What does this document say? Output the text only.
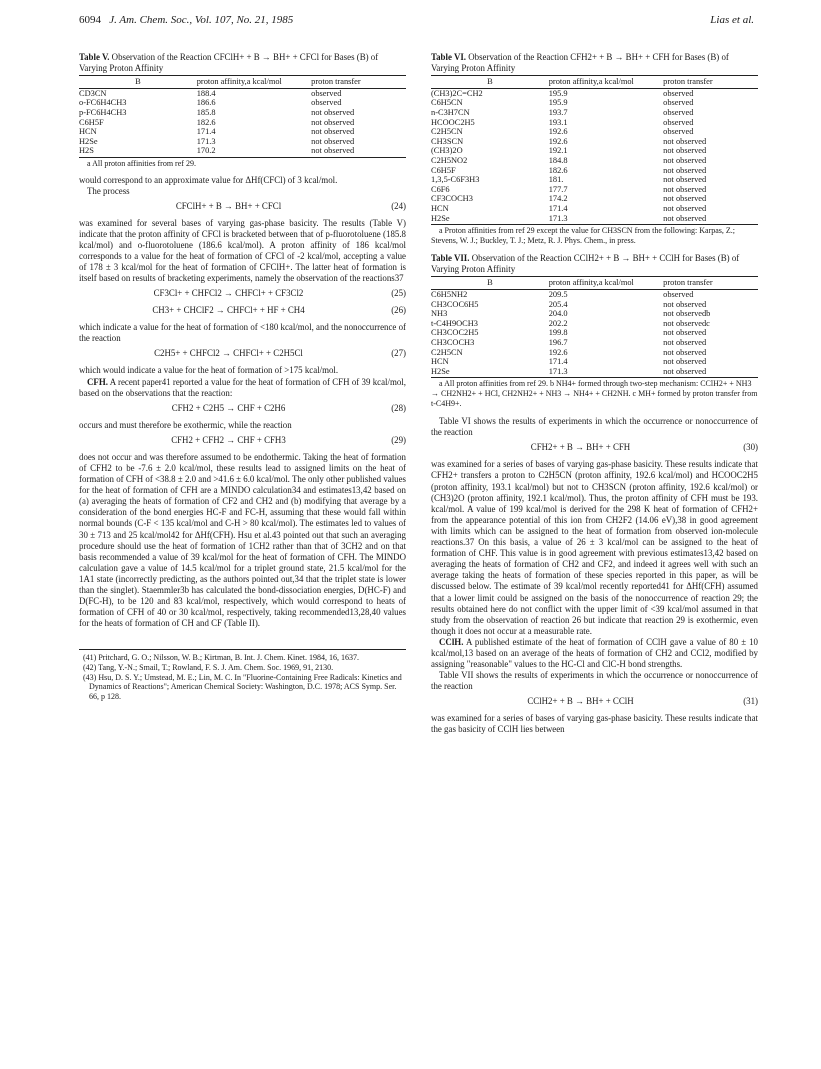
6094 J. Am. Chem. Soc., Vol. 107, No. 21, 1985	Lias et al.

Table V. Observation of the Reaction CFClH+ + B → BH+ + CFCl for Bases (B) of Varying Proton Affinity

B	proton affinity,a kcal/mol	proton transfer
CD3CN	188.4	observed
o-FC6H4CH3	186.6	observed
p-FC6H4CH3	185.8	not observed
C6H5F	182.6	not observed
HCN	171.4	not observed
H2Se	171.3	not observed
H2S	170.2	not observed

a All proton affinities from ref 29.

would correspond to an approximate value for ΔHf(CFCl) of 3 kcal/mol.

The process

CFClH+ + B → BH+ + CFCl	(24)

was examined for several bases of varying gas-phase basicity. The results (Table V) indicate that the proton affinity of CFCl is bracketed between that of p-fluorotoluene (185.8 kcal/mol) and o-fluorotoluene (186.6 kcal/mol). A proton affinity of 186 kcal/mol corresponds to a value for the heat of formation of CFCl of -2 kcal/mol, accepting a value of 178 ± 3 kcal/mol for the heat of formation of CFClH+. The latter heat of formation is itself based on results of bracketing experiments, namely the observation of the reactions37

CF3Cl+ + CHFCl2 → CHFCl+ + CF3Cl2	(25)
CH3+ + CHClF2 → CHFCl+ + HF + CH4	(26)

which indicate a value for the heat of formation of <180 kcal/mol, and the nonoccurrence of the reaction

C2H5+ + CHFCl2 → CHFCl+ + C2H5Cl	(27)

which would indicate a value for the heat of formation of >175 kcal/mol.

CFH. A recent paper41 reported a value for the heat of formation of CFH of 39 kcal/mol, based on the observations that the reaction:

CFH2 + C2H5 → CHF + C2H6	(28)

occurs and must therefore be exothermic, while the reaction

CFH2 + CFH2 → CHF + CFH3	(29)

does not occur and was therefore assumed to be endothermic. Taking the heat of formation of CFH2 to be -7.6 ± 2.0 kcal/mol, these results lead to assigned limits on the heat of formation of CFH of <38.8 ± 2.0 and >41.6 ± 6.0 kcal/mol. The only other published values for the heat of formation of CFH are a MINDO calculation34 and estimates13,42 based on (a) averaging the heats of formation of CF2 and CH2 and (b) modifying that average by a consideration of the bond energies HC-F and FC-H, assuming that these would fall within normal bounds (C-F < 135 kcal/mol and C-H > 80 kcal/mol). The estimates led to values of 30 ± 713 and 25 kcal/mol42 for ΔHf(CFH). Hsu et al.43 pointed out that such an averaging procedure should use the heat of formation of 1CH2 rather than that of 3CH2 and on that basis recommended a value of 39 kcal/mol for the heat of formation of CFH. The MINDO calculation gave a value of 14.5 kcal/mol for a triplet ground state, 21.5 kcal/mol for the 1A1 state (incorrectly predicting, as the authors pointed out,34 that the triplet state is lower than the singlet). Staemmler3b has calculated the bond-dissociation energies, D(HC-F) and D(FC-H), to be 120 and 83 kcal/mol, respectively, which would correspond to heats of formation of CFH of 40 or 30 kcal/mol, respectively, taking recommended13,28,40 values for the heats of formation of CH and CF (Table II).

(41) Pritchard, G. O.; Nilsson, W. B.; Kirtman, B. Int. J. Chem. Kinet. 1984, 16, 1637.

(42) Tang, Y.-N.; Smail, T.; Rowland, F. S. J. Am. Chem. Soc. 1969, 91, 2130.

(43) Hsu, D. S. Y.; Umstead, M. E.; Lin, M. C. In "Fluorine-Containing Free Radicals: Kinetics and Dynamics of Reactions"; American Chemical Society: Washington, D.C. 1978; ACS Symp. Ser. 66, p 128.

Table VI. Observation of the Reaction CFH2+ + B → BH+ + CFH for Bases (B) of Varying Proton Affinity

B	proton affinity,a kcal/mol	proton transfer
(CH3)2C=CH2	195.9	observed
C6H5CN	195.9	observed
n-C3H7CN	193.7	observed
HCOOC2H5	193.1	observed
C2H5CN	192.6	observed
CH3SCN	192.6	not observed
(CH3)2O	192.1	not observed
C2H5NO2	184.8	not observed
C6H5F	182.6	not observed
1,3,5-C6F3H3	181.	not observed
C6F6	177.7	not observed
CF3COCH3	174.2	not observed
HCN	171.4	not observed
H2Se	171.3	not observed

a Proton affinities from ref 29 except the value for CH3SCN from the following: Karpas, Z.; Stevens, W. J.; Buckley, T. J.; Metz, R. J. Phys. Chem., in press.

Table VII. Observation of the Reaction CClH2+ + B → BH+ + CClH for Bases (B) of Varying Proton Affinity

B	proton affinity,a kcal/mol	proton transfer
C6H5NH2	209.5	observed
CH3COC6H5	205.4	not observed
NH3	204.0	not observedb
t-C4H9OCH3	202.2	not observedc
CH3COC2H5	199.8	not observed
CH3COCH3	196.7	not observed
C2H5CN	192.6	not observed
HCN	171.4	not observed
H2Se	171.3	not observed

a All proton affinities from ref 29. b NH4+ formed through two-step mechanism: CClH2+ + NH3 → CH2NH2+ + HCl, CH2NH2+ + NH3 → NH4+ + CH2NH. c MH+ formed by proton transfer from t-C4H9+.

Table VI shows the results of experiments in which the occurrence or nonoccurrence of the reaction

CFH2+ + B → BH+ + CFH	(30)

was examined for a series of bases of varying gas-phase basicity. These results indicate that CFH2+ transfers a proton to C2H5CN (proton affinity, 192.6 kcal/mol) and HCOOC2H5 (proton affinity, 193.1 kcal/mol) but not to CH3SCN (proton affinity, 192.6 kcal/mol) or (CH3)2O (proton affinity, 192.1 kcal/mol). Thus, the proton affinity of CFH must be 193. kcal/mol. A value of 199 kcal/mol is derived for the 298 K heat of formation of CFH2+ from the appearance potential of this ion from CH2F2 (14.06 eV),38 in good agreement with limits which can be assigned to the heat of formation from observed ion-molecule reactions.37 On this basis, a value of 26 ± 3 kcal/mol can be assigned to the heat of formation of CHF. This value is in good agreement with previous estimates13,42 based on averaging the heats of formation of CH2 and CF2, and indeed it agrees well with such an average taking the heats of formation of these species reported in this paper, as will be discussed below. The estimate of 39 kcal/mol recently reported41 for ΔHf(CFH) assumed that a lower limit could be assigned on the basis of the nonoccurrence of reaction 29; the results obtained here do not conflict with the upper limit of <39 kcal/mol assumed in that study from the observation of reaction 26 but indicate that reaction 29 is exothermic, even though it does not occur at a measurable rate.

CClH. A published estimate of the heat of formation of CClH gave a value of 80 ± 10 kcal/mol,13 based on an average of the heats of formation of CH2 and CCl2, modified by assigning "reasonable" values to the HC-Cl and ClC-H bond strengths.

Table VII shows the results of experiments in which the occurrence or nonoccurrence of the reaction

CClH2+ + B → BH+ + CClH	(31)

was examined for a series of bases of varying gas-phase basicity. These results indicate that the gas basicity of CClH lies between
